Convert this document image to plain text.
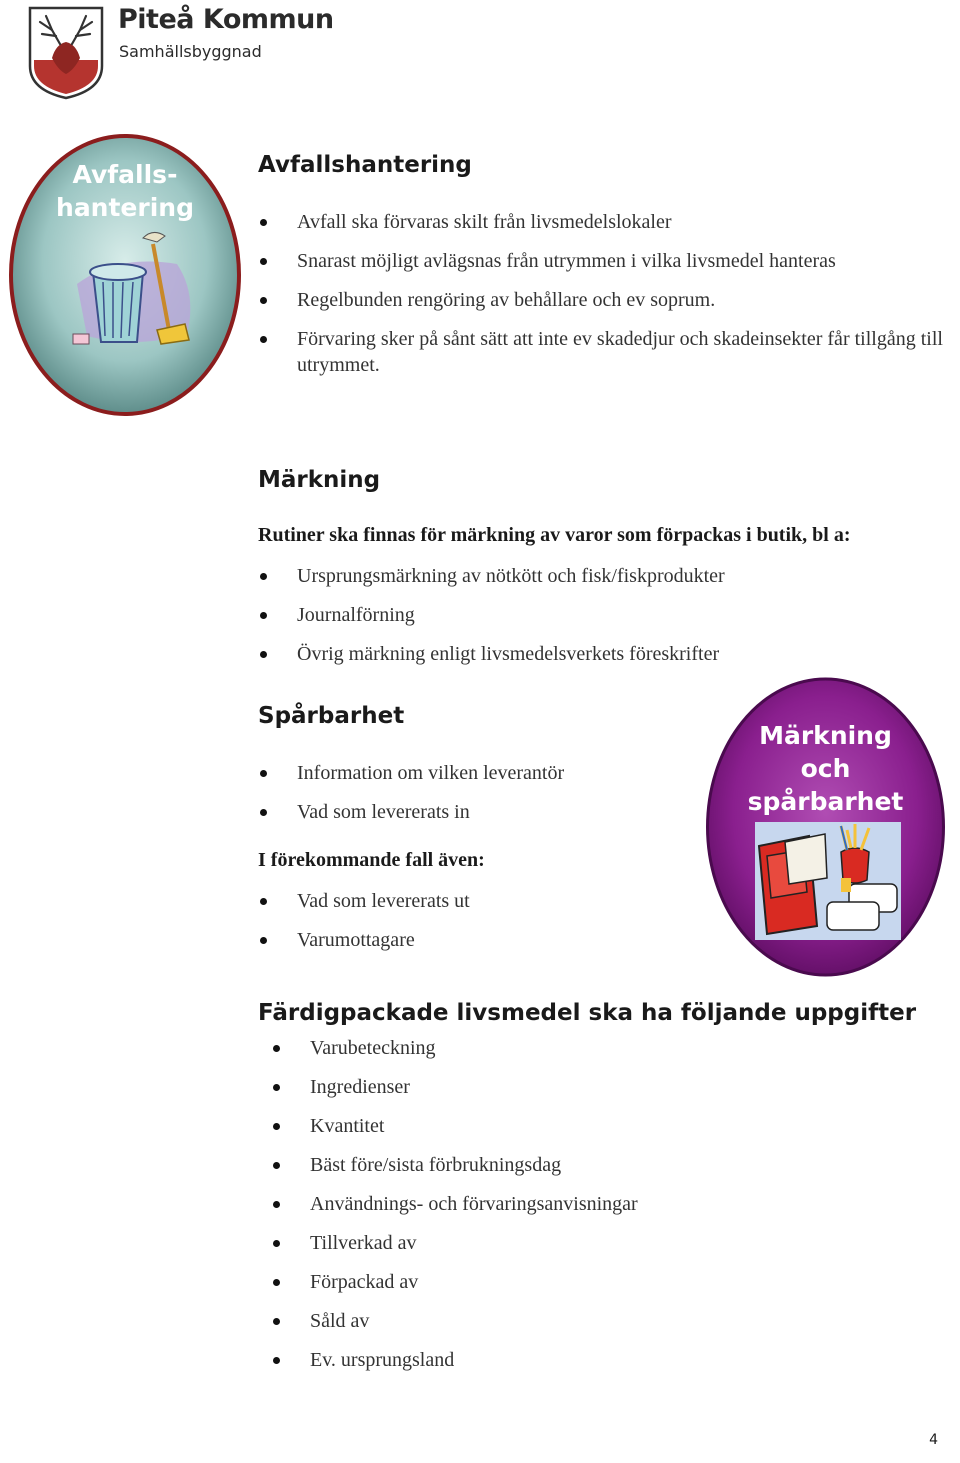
Piteå Kommun
Samhällsbyggnad
Avfalls-
hantering
Avfallshantering
Avfall ska förvaras skilt från livsmedelslokaler
Snarast möjligt avlägsnas från utrymmen i vilka livsmedel hanteras
Regelbunden rengöring av behållare och ev soprum.
Förvaring sker på sånt sätt att inte ev skadedjur och skadeinsekter får tillgång till utrymmet.
Märkning
Rutiner ska finnas för märkning av varor som förpackas i butik, bl a:
Ursprungsmärkning av nötkött och fisk/fiskprodukter
Journalförning
Övrig märkning enligt livsmedelsverkets föreskrifter
Spårbarhet
Information om vilken leverantör
Vad som levererats in
I förekommande fall även:
Vad som levererats ut
Varumottagare
Märkning
och
spårbarhet
Färdigpackade livsmedel ska ha följande uppgifter
Varubeteckning
Ingredienser
Kvantitet
Bäst före/sista förbrukningsdag
Användnings- och förvaringsanvisningar
Tillverkad av
Förpackad av
Såld av
Ev. ursprungsland
4
